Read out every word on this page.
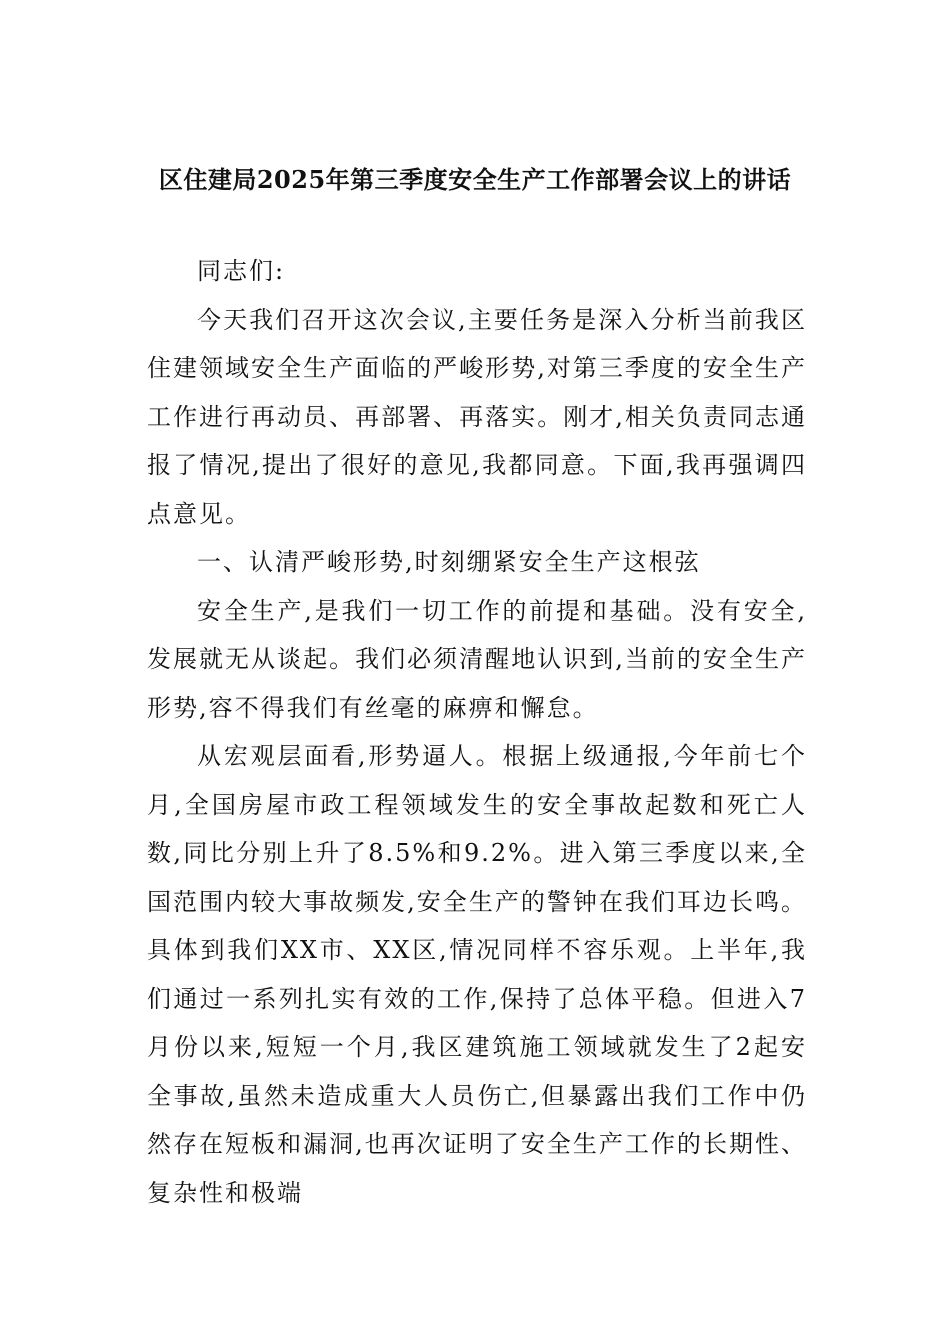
区住建局2025年第三季度安全生产工作部署会议上的讲话

同志们:

今天我们召开这次会议,主要任务是深入分析当前我区住建领域安全生产面临的严峻形势,对第三季度的安全生产工作进行再动员、再部署、再落实。刚才,相关负责同志通报了情况,提出了很好的意见,我都同意。下面,我再强调四点意见。

一、认清严峻形势,时刻绷紧安全生产这根弦

安全生产,是我们一切工作的前提和基础。没有安全,发展就无从谈起。我们必须清醒地认识到,当前的安全生产形势,容不得我们有丝毫的麻痹和懈怠。

从宏观层面看,形势逼人。根据上级通报,今年前七个月,全国房屋市政工程领域发生的安全事故起数和死亡人数,同比分别上升了8.5%和9.2%。进入第三季度以来,全国范围内较大事故频发,安全生产的警钟在我们耳边长鸣。具体到我们XX市、XX区,情况同样不容乐观。上半年,我们通过一系列扎实有效的工作,保持了总体平稳。但进入7月份以来,短短一个月,我区建筑施工领域就发生了2起安全事故,虽然未造成重大人员伤亡,但暴露出我们工作中仍然存在短板和漏洞,也再次证明了安全生产工作的长期性、复杂性和极端
